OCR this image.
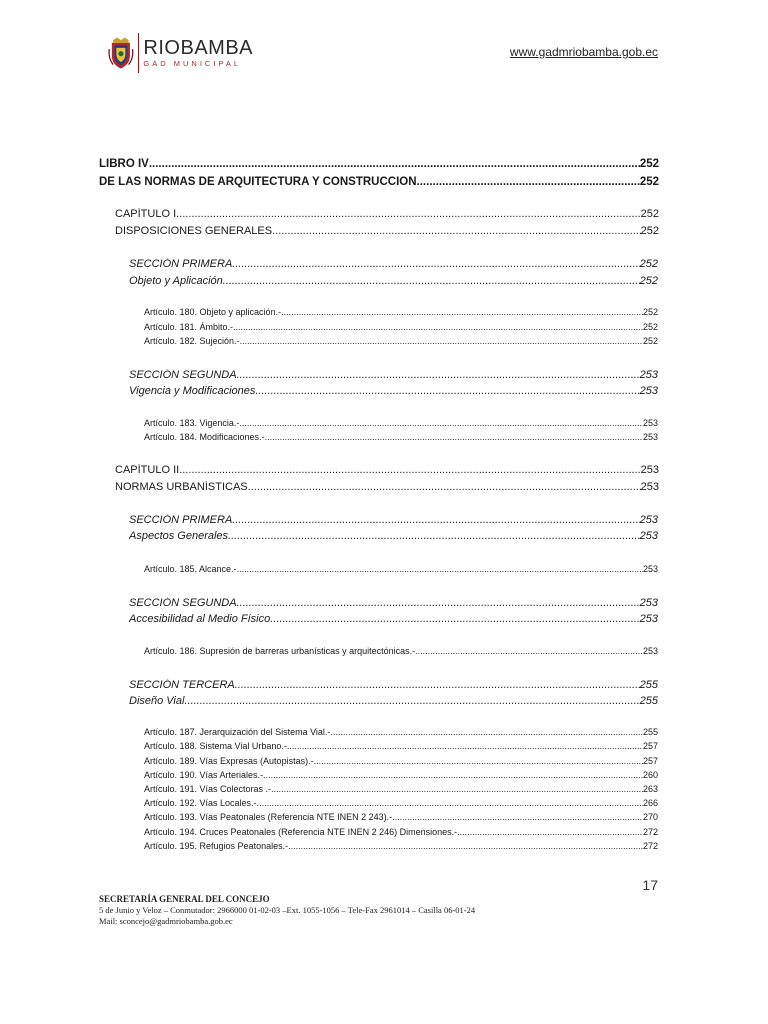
RIOBAMBA
GAD MUNICIPAL
www.gadmriobamba.gob.ec
LIBRO IV .....	252
DE LAS NORMAS DE ARQUITECTURA Y CONSTRUCCIÓN .....	252
CAPÍTULO I .....	252
DISPOSICIONES GENERALES .....	252
SECCIÓN PRIMERA .....	252
Objeto y Aplicación .....	252
Artículo. 180. Objeto y aplicación.- .....	252
Artículo. 181. Ámbito.- .....	252
Artículo. 182. Sujeción.- .....	252
SECCIÓN SEGUNDA .....	253
Vigencia y Modificaciones .....	253
Artículo. 183. Vigencia.- .....	253
Artículo. 184. Modificaciones.- .....	253
CAPÍTULO II .....	253
NORMAS URBANÍSTICAS .....	253
SECCIÓN PRIMERA .....	253
Aspectos Generales .....	253
Artículo. 185. Alcance.- .....	253
SECCIÓN SEGUNDA .....	253
Accesibilidad al Medio Físico .....	253
Artículo. 186. Supresión de barreras urbanísticas y arquitectónicas.- .....	253
SECCIÓN TERCERA .....	255
Diseño Vial .....	255
Artículo. 187. Jerarquización del Sistema Vial.- .....	255
Artículo. 188. Sistema Vial Urbano.- .....	257
Artículo. 189. Vías Expresas (Autopistas).- .....	257
Artículo. 190. Vías Arteriales.- .....	260
Artículo. 191. Vías Colectoras .- .....	263
Artículo. 192. Vías Locales.- .....	266
Artículo. 193. Vías Peatonales (Referencia NTE INEN 2 243).- .....	270
Artículo. 194. Cruces Peatonales (Referencia NTE INEN 2 246) Dimensiones.- .....	272
Artículo. 195. Refugios Peatonales.- .....	272
17
SECRETARÍA GENERAL DEL CONCEJO
5 de Junio y Veloz – Conmutador: 2966000 01-02-03 –Ext. 1055-1056 – Tele-Fax 2961014 – Casilla 06-01-24
Mail: sconcejo@gadmriobamba.gob.ec
